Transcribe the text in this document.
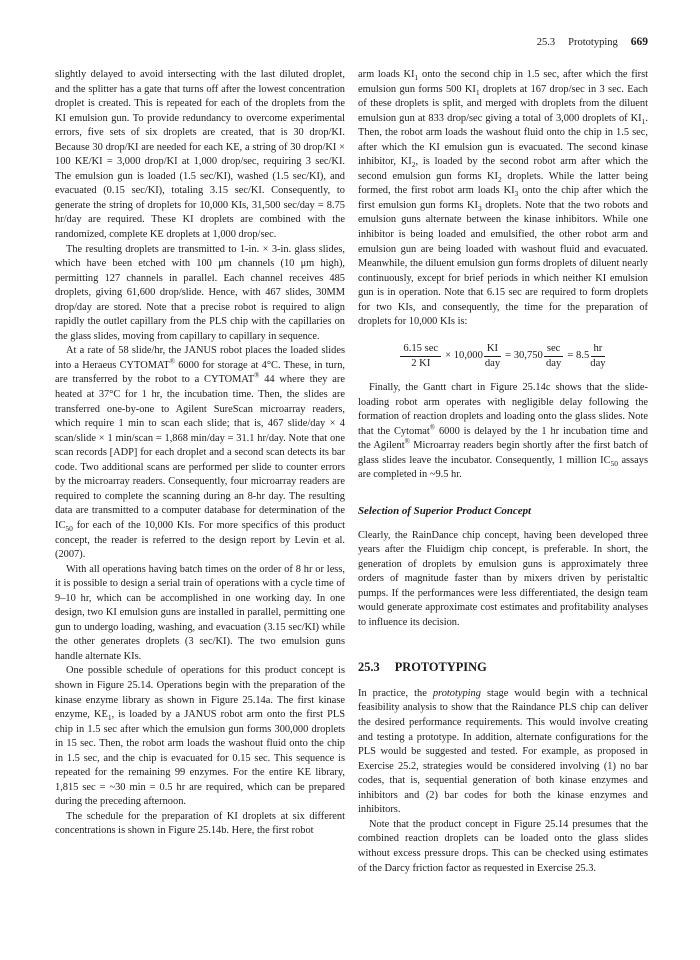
25.3 Prototyping 669

slightly delayed to avoid intersecting with the last diluted droplet, and the splitter has a gate that turns off after the lowest concentration droplet is created. This is repeated for each of the droplets from the KI emulsion gun. To provide redundancy to overcome experimental errors, five sets of six droplets are created, that is 30 drop/KI. Because 30 drop/KI are needed for each KE, a string of 30 drop/KI × 100 KE/KI = 3,000 drop/KI at 1,000 drop/sec, requiring 3 sec/KI. The emulsion gun is loaded (1.5 sec/KI), washed (1.5 sec/KI), and evacuated (0.15 sec/KI), totaling 3.15 sec/KI. Consequently, to generate the string of droplets for 10,000 KIs, 31,500 sec/day = 8.75 hr/day are required. These KI droplets are combined with the randomized, complete KE droplets at 1,000 drop/sec.

The resulting droplets are transmitted to 1-in. × 3-in. glass slides, which have been etched with 100 μm channels (10 μm high), permitting 127 channels in parallel. Each channel receives 485 droplets, giving 61,600 drop/slide. Hence, with 467 slides, 30MM drop/day are stored. Note that a precise robot is required to align rapidly the outlet capillary from the PLS chip with the capillaries on the glass slides, moving from capillary to capillary in sequence.

At a rate of 58 slide/hr, the JANUS robot places the loaded slides into a Heraeus CYTOMAT® 6000 for storage at 4°C. These, in turn, are transferred by the robot to a CYTOMAT® 44 where they are heated at 37°C for 1 hr, the incubation time. Then, the slides are transferred one-by-one to Agilent SureScan microarray readers, which require 1 min to scan each slide; that is, 467 slide/day × 4 scan/slide × 1 min/scan = 1,868 min/day = 31.1 hr/day. Note that one scan records [ADP] for each droplet and a second scan detects its bar code. Two additional scans are performed per slide to counter errors by the microarray readers. Consequently, four microarray readers are required to complete the scanning during an 8-hr day. The resulting data are transmitted to a computer database for determination of the $IC_{50}$ for each of the 10,000 KIs. For more specifics of this product concept, the reader is referred to the design report by Levin et al. (2007).

With all operations having batch times on the order of 8 hr or less, it is possible to design a serial train of operations with a cycle time of 9–10 hr, which can be accomplished in one working day. In one design, two KI emulsion guns are installed in parallel, permitting one gun to undergo loading, washing, and evacuation (3.15 sec/KI) while the other generates droplets (3 sec/KI). The two emulsion guns handle alternate KIs.

One possible schedule of operations for this product concept is shown in Figure 25.14. Operations begin with the preparation of the kinase enzyme library as shown in Figure 25.14a. The first kinase enzyme, $KE_1$, is loaded by a JANUS robot arm onto the first PLS chip in 1.5 sec after which the emulsion gun forms 300,000 droplets in 15 sec. Then, the robot arm loads the washout fluid onto the chip in 1.5 sec, and the chip is evacuated for 0.15 sec. This sequence is repeated for the remaining 99 enzymes. For the entire KE library, 1,815 sec = ~30 min = 0.5 hr are required, which can be prepared during the preceding afternoon.

The schedule for the preparation of KI droplets at six different concentrations is shown in Figure 25.14b. Here, the first robot

arm loads $KI_1$ onto the second chip in 1.5 sec, after which the first emulsion gun forms 500 $KI_1$ droplets at 167 drop/sec in 3 sec. Each of these droplets is split, and merged with droplets from the diluent emulsion gun at 833 drop/sec giving a total of 3,000 droplets of $KI_1$. Then, the robot arm loads the washout fluid onto the chip in 1.5 sec, after which the KI emulsion gun is evacuated. The second kinase inhibitor, $KI_2$, is loaded by the second robot arm after which the second emulsion gun forms $KI_2$ droplets. While the latter being formed, the first robot arm loads $KI_3$ onto the chip after which the first emulsion gun forms $KI_3$ droplets. Note that the two robots and emulsion guns alternate between the kinase inhibitors. While one inhibitor is being loaded and emulsified, the other robot arm and emulsion gun are being loaded with washout fluid and evacuated. Meanwhile, the diluent emulsion gun forms droplets of diluent nearly continuously, except for brief periods in which neither KI emulsion gun is in operation. Note that 6.15 sec are required to form droplets for two KIs, and consequently, the time for the preparation of droplets for 10,000 KIs is:

$\frac{6.15 \sec}{2 KI} \times 10,000 \frac{KI}{\text{day}} = 30,750 \frac{\sec}{\text{day}} = 8.5 \frac{hr}{\text{day}}$

Finally, the Gantt chart in Figure 25.14c shows that the slide-loading robot arm operates with negligible delay following the formation of reaction droplets and loading onto the glass slides. Note that the Cytomat® 6000 is delayed by the 1 hr incubation time and the Agilent® Microarray readers begin shortly after the first batch of glass slides leave the incubator. Consequently, 1 million $IC_{50}$ assays are completed in ~9.5 hr.

Selection of Superior Product Concept

Clearly, the RainDance chip concept, having been developed three years after the Fluidigm chip concept, is preferable. In short, the generation of droplets by emulsion guns is approximately three orders of magnitude faster than by mixers driven by peristaltic pumps. If the performances were less differentiated, the design team would generate approximate cost estimates and profitability analyses to influence its decision.

25.3 PROTOTYPING

In practice, the prototyping stage would begin with a technical feasibility analysis to show that the Raindance PLS chip can deliver the desired performance requirements. This would involve creating and testing a prototype. In addition, alternate configurations for the PLS would be suggested and tested. For example, as proposed in Exercise 25.2, strategies would be considered involving (1) no bar codes, that is, sequential generation of both kinase enzymes and inhibitors and (2) bar codes for both the kinase enzymes and inhibitors.

Note that the product concept in Figure 25.14 presumes that the combined reaction droplets can be loaded onto the glass slides without excess pressure drops. This can be checked using estimates of the Darcy friction factor as requested in Exercise 25.3.
